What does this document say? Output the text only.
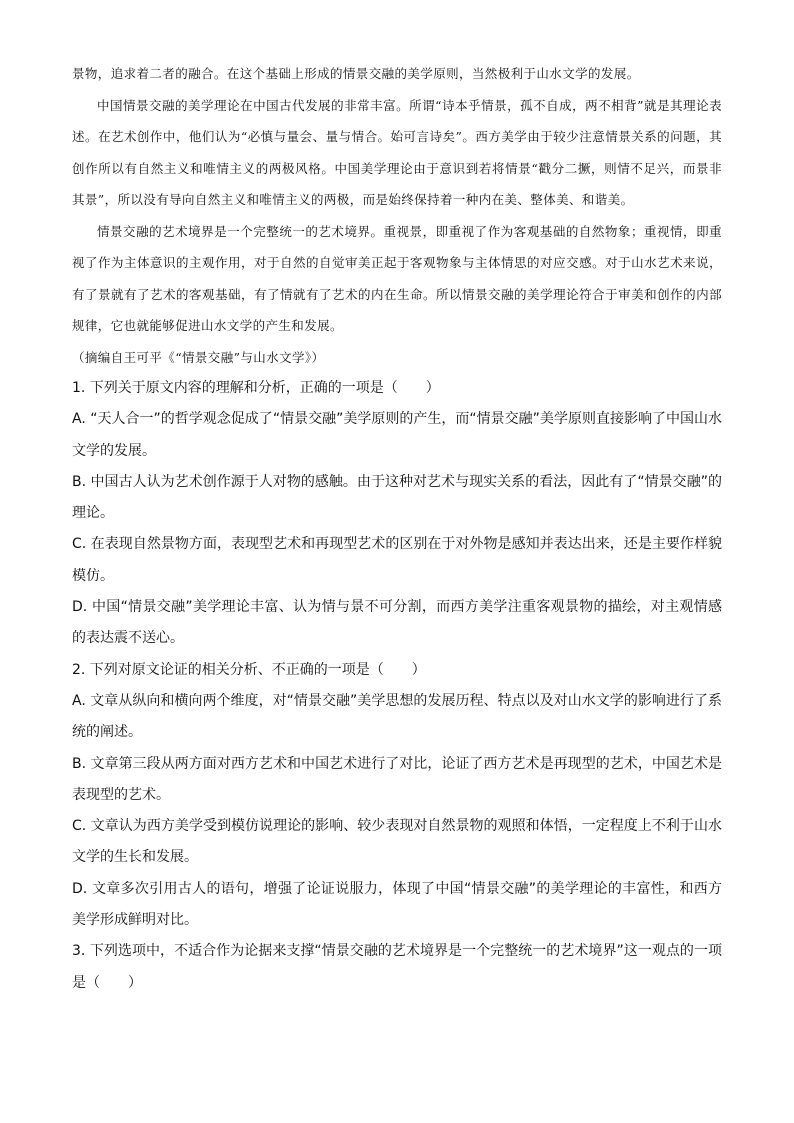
景物，追求着二者的融合。在这个基础上形成的情景交融的美学原则，当然极利于山水文学的发展。

中国情景交融的美学理论在中国古代发展的非常丰富。所谓“诗本乎情景，孤不自成，两不相背”就是其理论表述。在艺术创作中，他们认为“必慎与量会、量与情合。始可言诗矣”。西方美学由于较少注意情景关系的问题，其创作所以有自然主义和唯情主义的两极风格。中国美学理论由于意识到若将情景“戳分二撅，则情不足兴，而景非其景”，所以没有导向自然主义和唯情主义的两极，而是始终保持着一种内在美、整体美、和谐美。

情景交融的艺术境界是一个完整统一的艺术境界。重视景，即重视了作为客观基础的自然物象；重视情，即重视了作为主体意识的主观作用，对于自然的自觉审美正起于客观物象与主体情思的对应交感。对于山水艺术来说，有了景就有了艺术的客观基础，有了情就有了艺术的内在生命。所以情景交融的美学理论符合于审美和创作的内部规律，它也就能够促进山水文学的产生和发展。

（摘编自王可平《“情景交融”与山水文学》）

1. 下列关于原文内容的理解和分析，正确的一项是（　　）

A. “天人合一”的哲学观念促成了“情景交融”美学原则的产生，而“情景交融”美学原则直接影响了中国山水文学的发展。

B. 中国古人认为艺术创作源于人对物的感触。由于这种对艺术与现实关系的看法，因此有了“情景交融”的理论。

C. 在表现自然景物方面，表现型艺术和再现型艺术的区别在于对外物是感知并表达出来，还是主要作样貌模仿。

D. 中国“情景交融”美学理论丰富、认为情与景不可分割，而西方美学注重客观景物的描绘，对主观情感的表达震不送心。

2. 下列对原文论证的相关分析、不正确的一项是（　　）

A. 文章从纵向和横向两个维度，对“情景交融”美学思想的发展历程、特点以及对山水文学的影响进行了系统的阐述。

B. 文章第三段从两方面对西方艺术和中国艺术进行了对比，论证了西方艺术是再现型的艺术，中国艺术是表现型的艺术。

C. 文章认为西方美学受到模仿说理论的影响、较少表现对自然景物的观照和体悟，一定程度上不利于山水文学的生长和发展。

D. 文章多次引用古人的语句，增强了论证说服力，体现了中国“情景交融”的美学理论的丰富性，和西方美学形成鲜明对比。

3. 下列选项中，不适合作为论据来支撑“情景交融的艺术境界是一个完整统一的艺术境界”这一观点的一项是（　　）
